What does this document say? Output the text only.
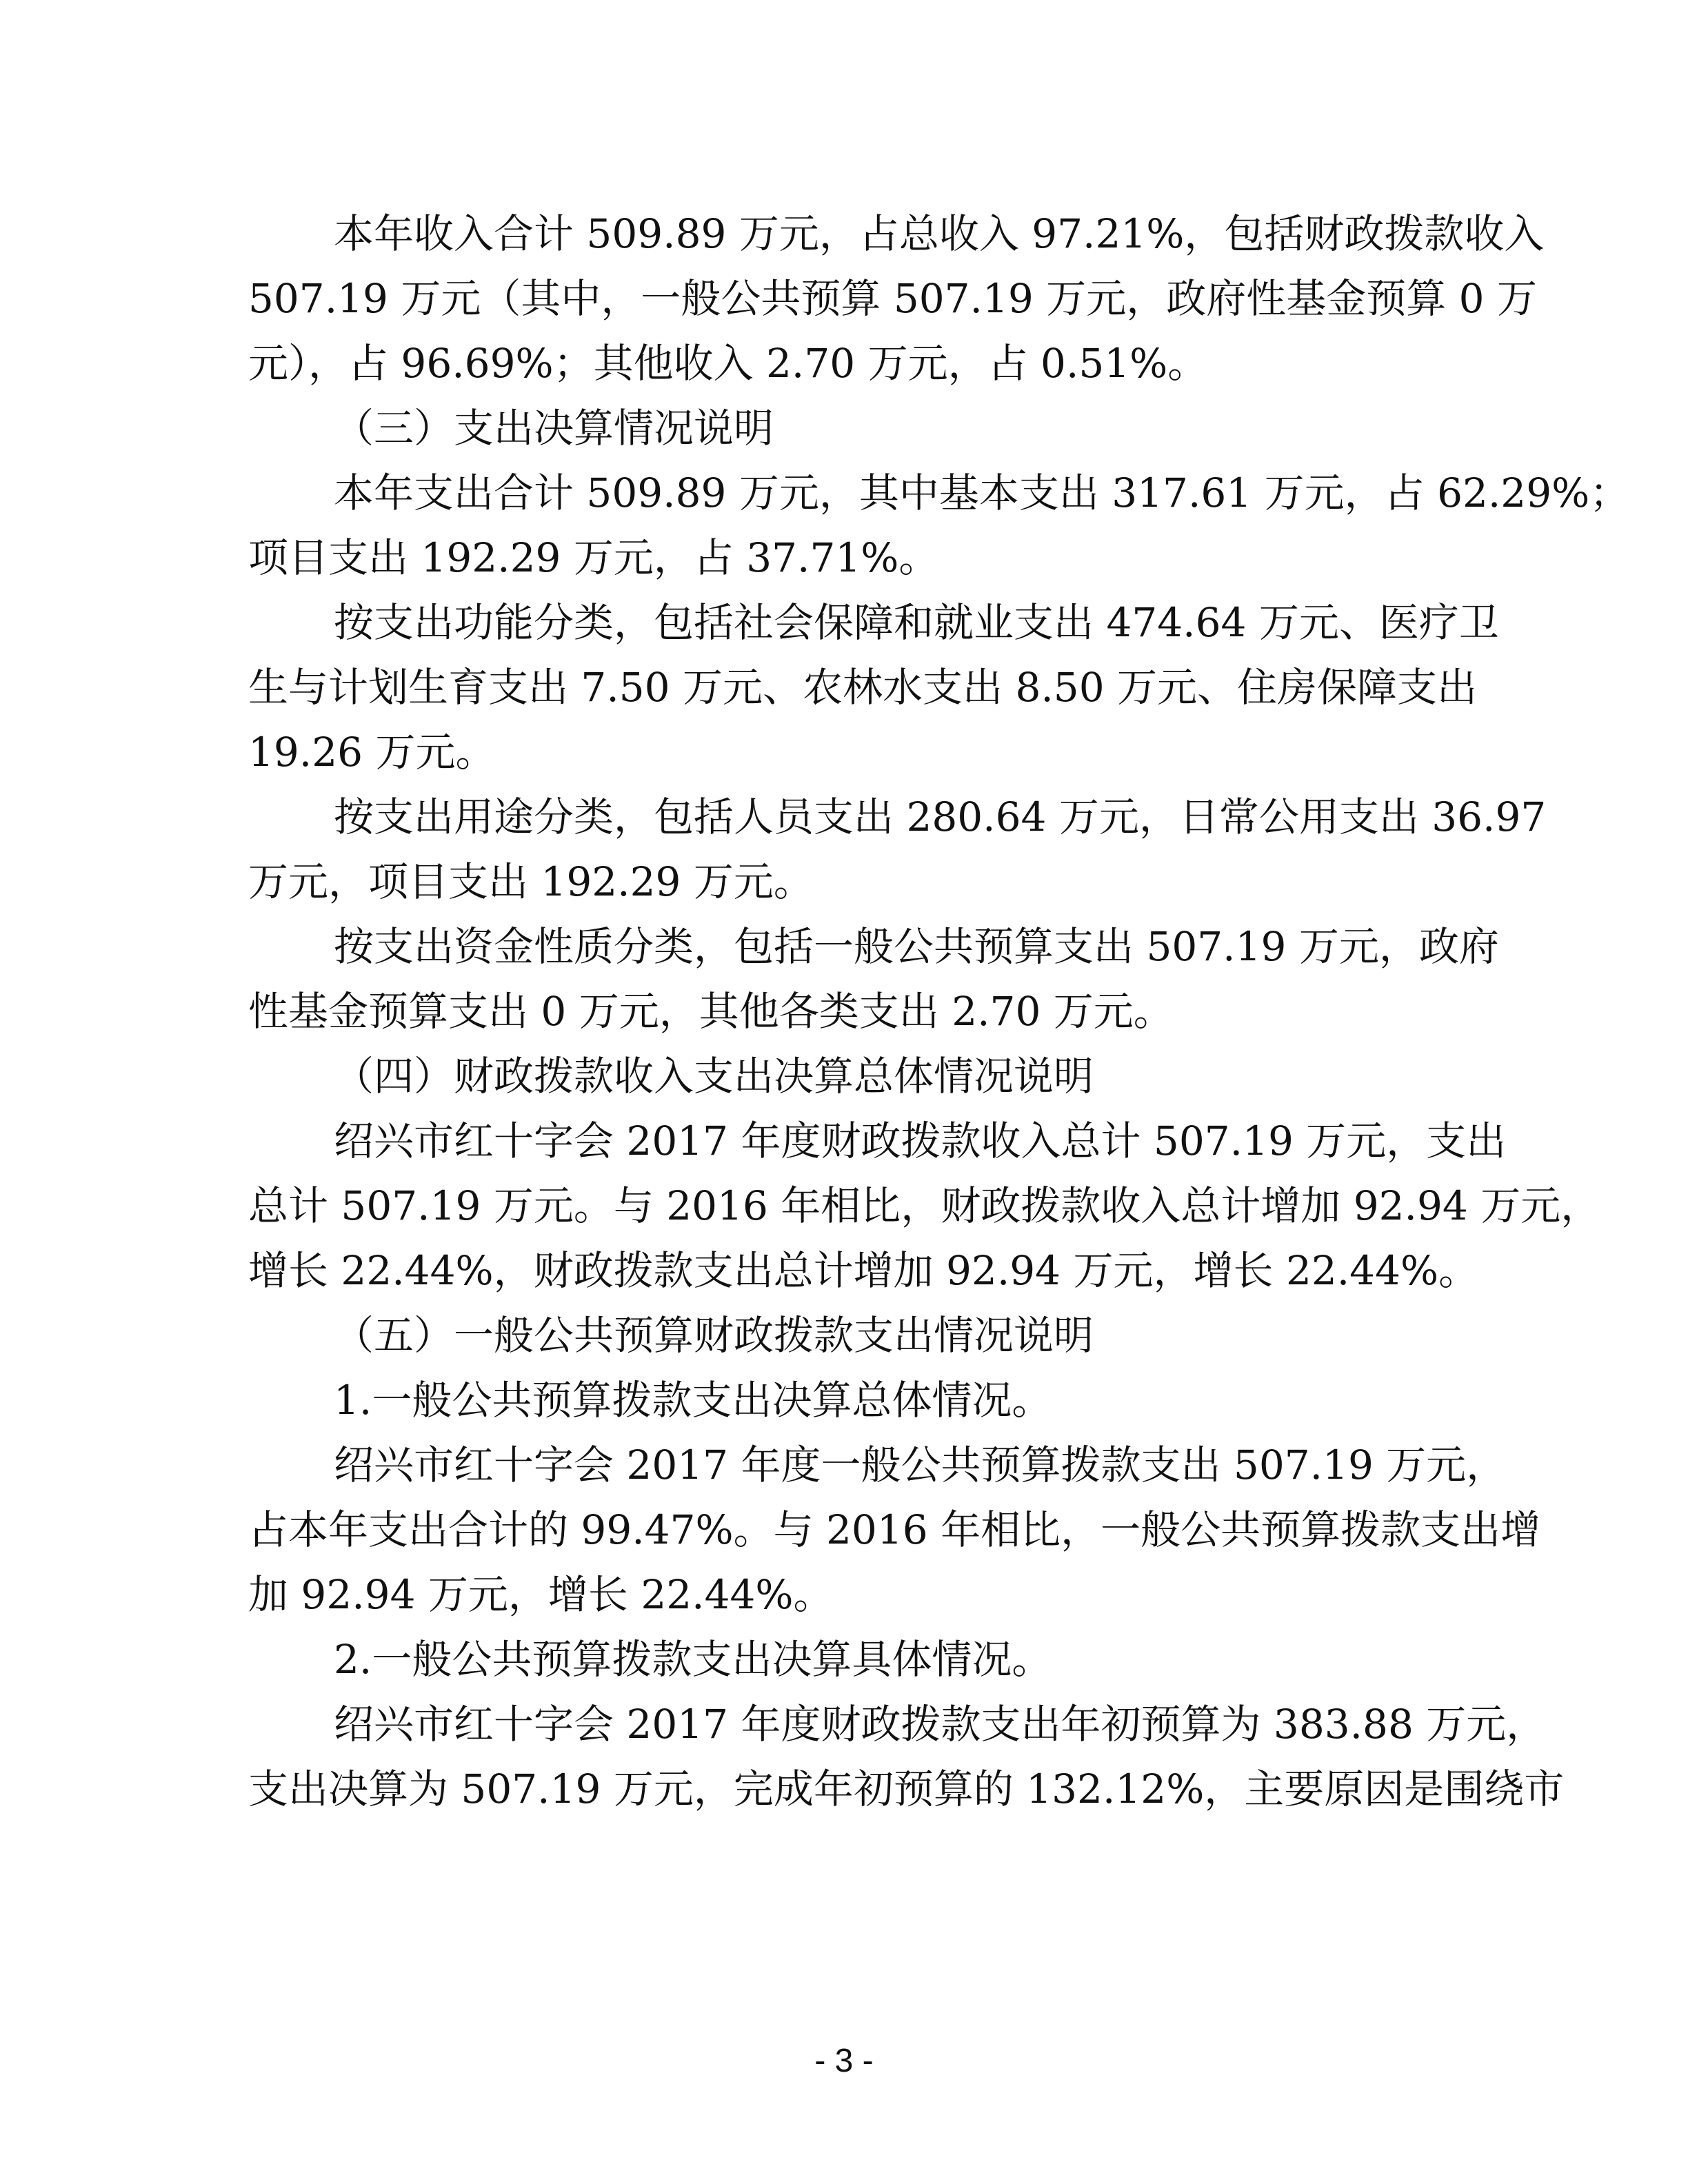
本年收入合计 509.89 万元，占总收入 97.21%，包括财政拨款收入
507.19 万元（其中，一般公共预算 507.19 万元，政府性基金预算 0 万
元），占 96.69%；其他收入 2.70 万元，占 0.51%。
（三）支出决算情况说明
本年支出合计 509.89 万元，其中基本支出 317.61 万元，占 62.29%；
项目支出 192.29 万元，占 37.71%。
按支出功能分类，包括社会保障和就业支出 474.64 万元、医疗卫
生与计划生育支出 7.50 万元、农林水支出 8.50 万元、住房保障支出
19.26 万元。
按支出用途分类，包括人员支出 280.64 万元，日常公用支出 36.97
万元，项目支出 192.29 万元。
按支出资金性质分类，包括一般公共预算支出 507.19 万元，政府
性基金预算支出 0 万元，其他各类支出 2.70 万元。
（四）财政拨款收入支出决算总体情况说明
绍兴市红十字会 2017 年度财政拨款收入总计 507.19 万元，支出
总计 507.19 万元。与 2016 年相比，财政拨款收入总计增加 92.94 万元，
增长 22.44%，财政拨款支出总计增加 92.94 万元，增长 22.44%。
（五）一般公共预算财政拨款支出情况说明
1.一般公共预算拨款支出决算总体情况。
绍兴市红十字会 2017 年度一般公共预算拨款支出 507.19 万元，
占本年支出合计的 99.47%。与 2016 年相比，一般公共预算拨款支出增
加 92.94 万元，增长 22.44%。
2.一般公共预算拨款支出决算具体情况。
绍兴市红十字会 2017 年度财政拨款支出年初预算为 383.88 万元，
支出决算为 507.19 万元，完成年初预算的 132.12%，主要原因是围绕市
- 3 -
